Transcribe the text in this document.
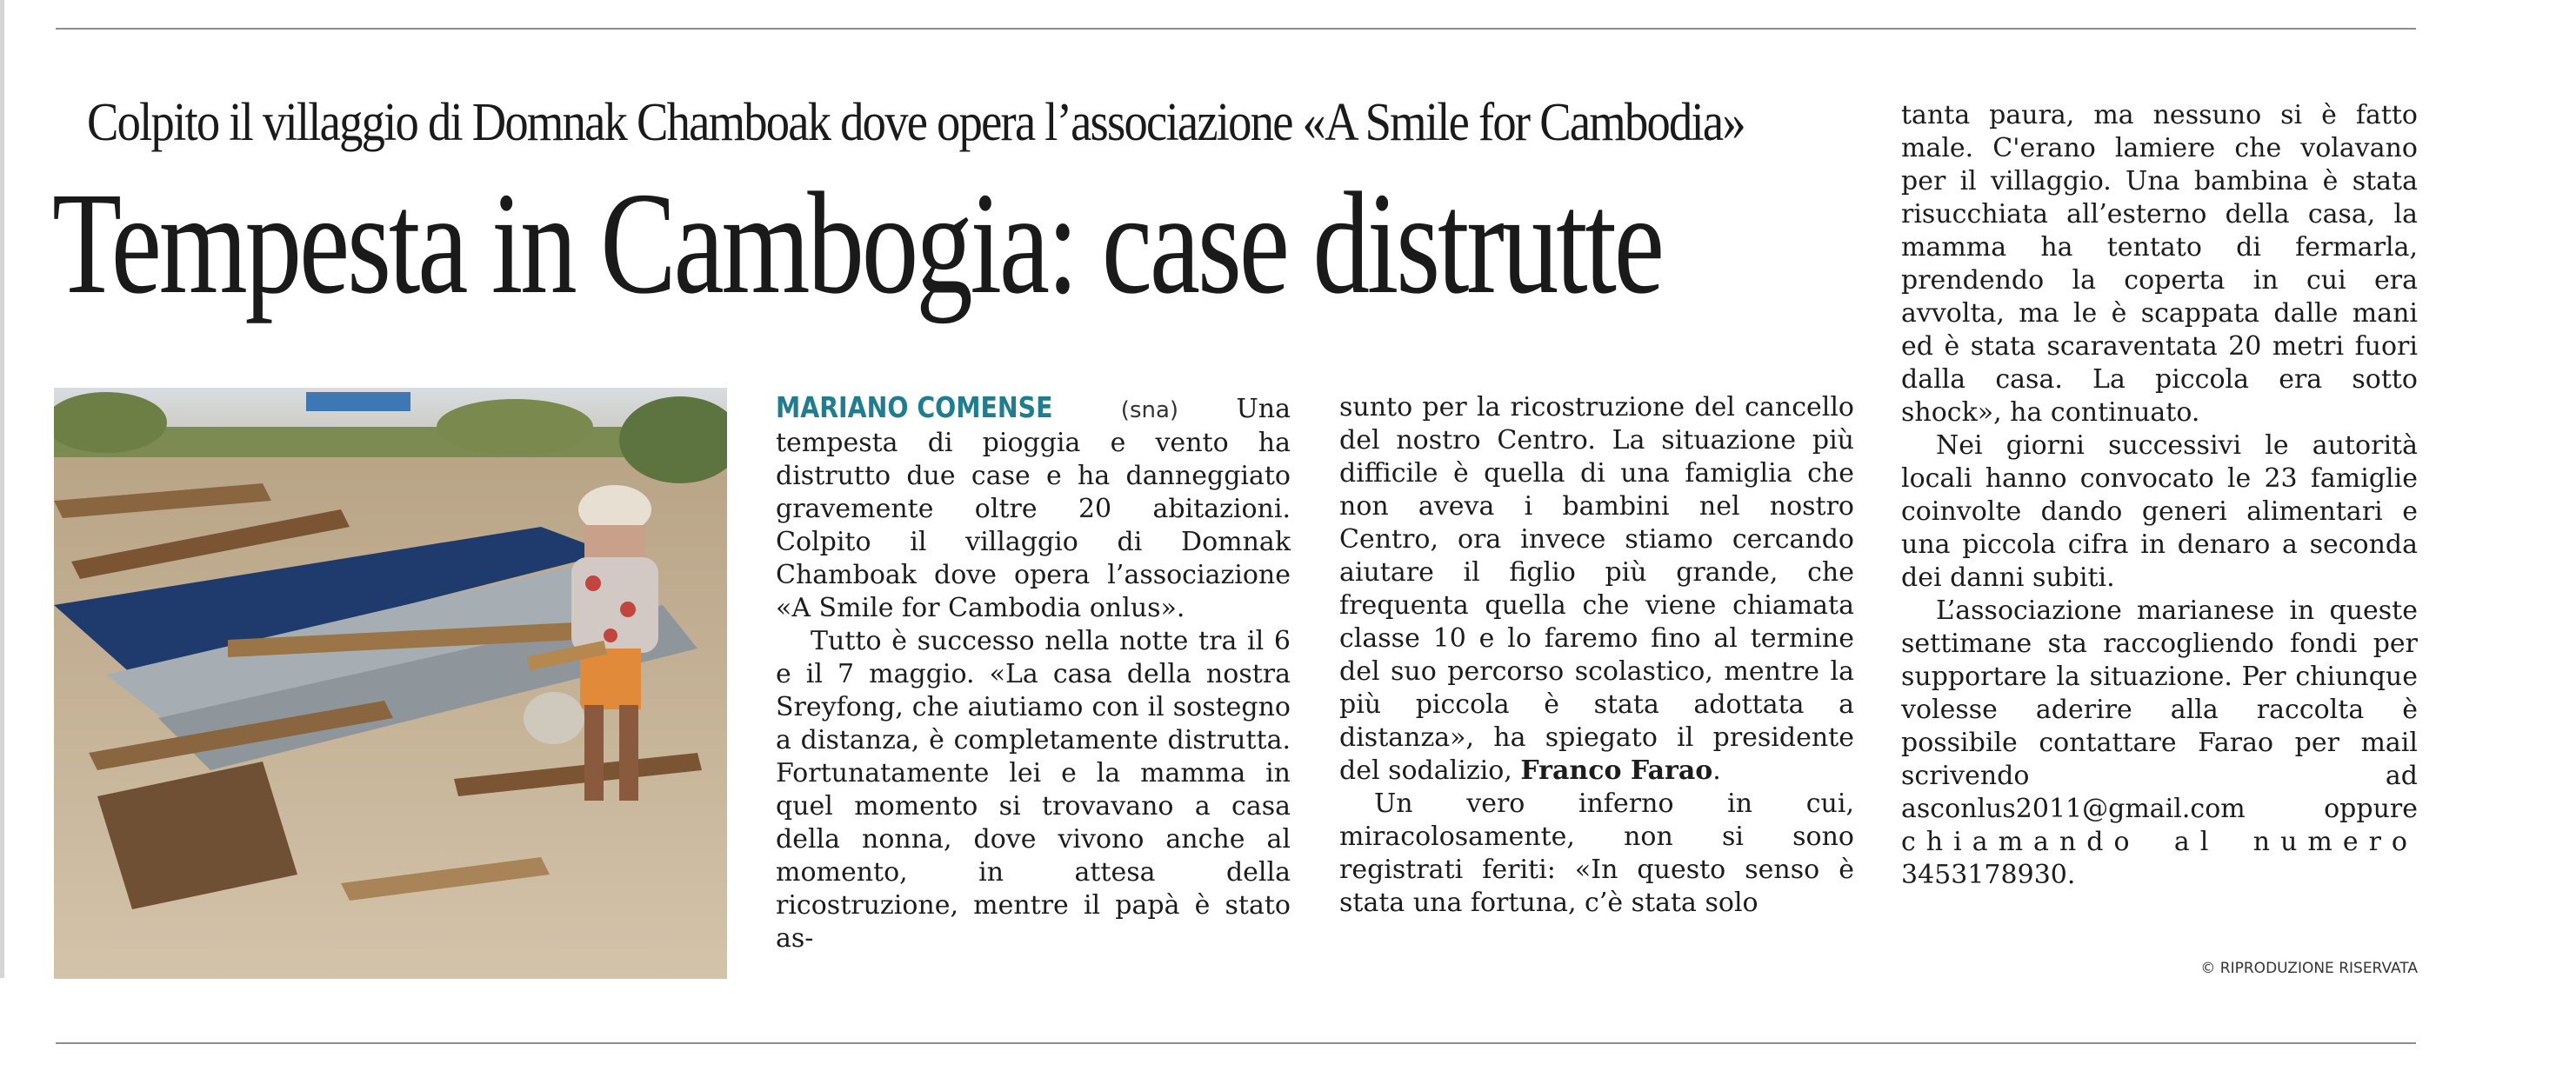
Colpito il villaggio di Domnak Chamboak dove opera l’associazione «A Smile for Cambodia»
Tempesta in Cambogia: case distrutte

MARIANO COMENSE	(sna) Una tempesta di pioggia e vento ha distrutto due case e ha danneggiato gravemente oltre 20 abitazioni. Colpito il villaggio di Domnak Chamboak dove opera l’associazione «A Smile for Cambodia onlus».

Tutto è successo nella notte tra il 6 e il 7 maggio. «La casa della nostra Sreyfong, che aiutiamo con il sostegno a distanza, è completamente distrutta. Fortunatamente lei e la mamma in quel momento si trovavano a casa della nonna, dove vivono anche al momento, in attesa della ricostruzione, mentre il papà è stato as-

sunto per la ricostruzione del cancello del nostro Centro. La situazione più difficile è quella di una famiglia che non aveva i bambini nel nostro Centro, ora invece stiamo cercando aiutare il figlio più grande, che frequenta quella che viene chiamata classe 10 e lo faremo fino al termine del suo percorso scolastico, mentre la più piccola è stata adottata a distanza», ha spiegato il presidente del sodalizio, Franco Farao.

Un vero inferno in cui, miracolosamente, non si sono registrati feriti: «In questo senso è stata una fortuna, c’è stata solo

tanta paura, ma nessuno si è fatto male. C'erano lamiere che volavano per il villaggio. Una bambina è stata risucchiata all’esterno della casa, la mamma ha tentato di fermarla, prendendo la coperta in cui era avvolta, ma le è scappata dalle mani ed è stata scaraventata 20 metri fuori dalla casa. La piccola era sotto shock», ha continuato.

Nei giorni successivi le autorità locali hanno convocato le 23 famiglie coinvolte dando generi alimentari e una piccola cifra in denaro a seconda dei danni subiti.

L’associazione marianese in queste settimane sta raccogliendo fondi per supportare la situazione. Per chiunque volesse aderire alla raccolta è possibile contattare Farao per mail scrivendo ad asconlus2011@gmail.com oppure chiamando al numero 3453178930.

© RIPRODUZIONE RISERVATA
